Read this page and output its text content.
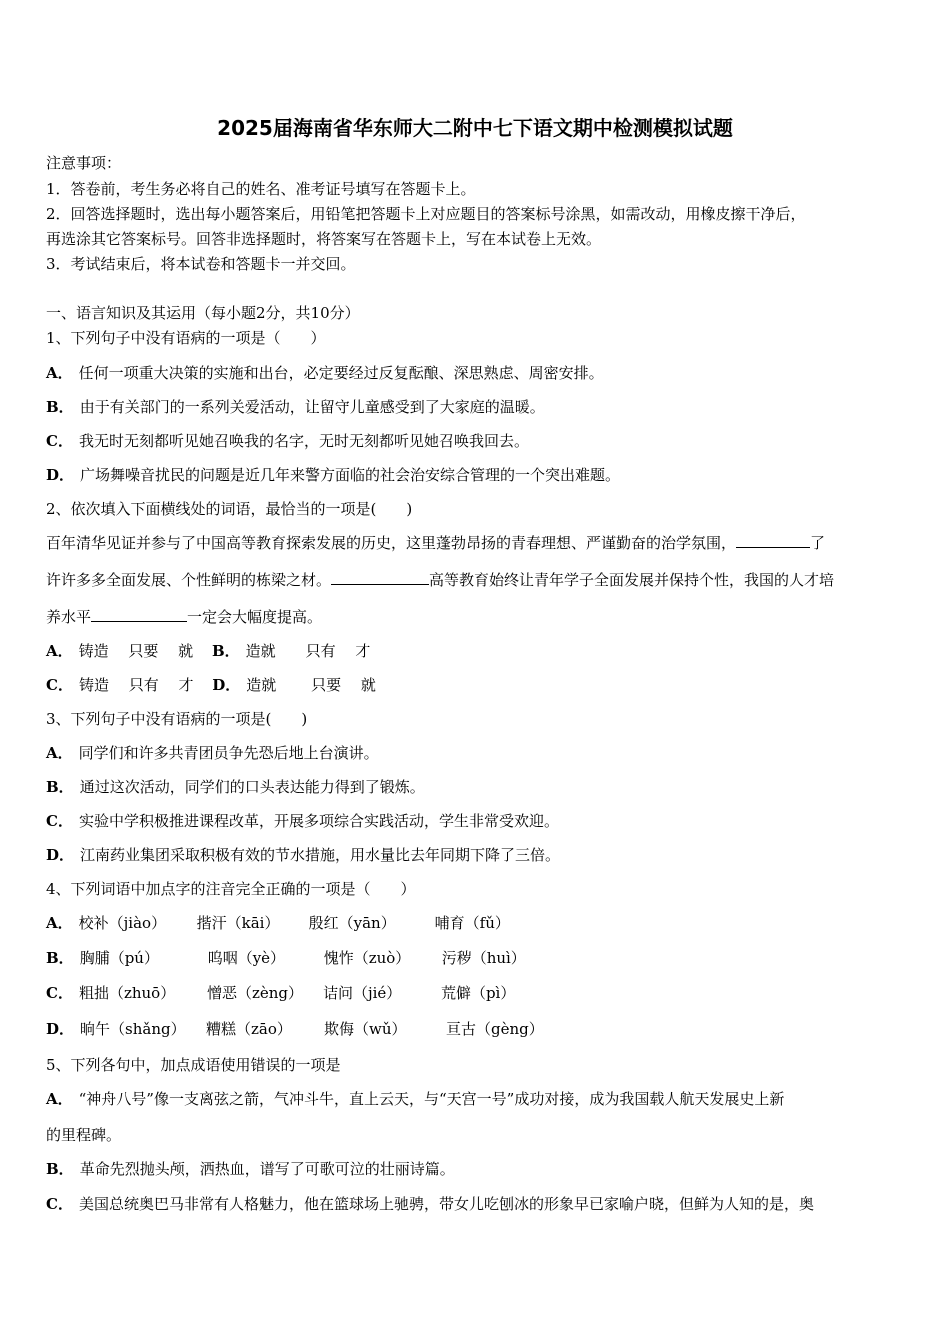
2025届海南省华东师大二附中七下语文期中检测模拟试题
注意事项：
1．答卷前，考生务必将自己的姓名、准考证号填写在答题卡上。
2．回答选择题时，选出每小题答案后，用铅笔把答题卡上对应题目的答案标号涂黑，如需改动，用橡皮擦干净后，
再选涂其它答案标号。回答非选择题时，将答案写在答题卡上，写在本试卷上无效。
3．考试结束后，将本试卷和答题卡一并交回。
一、语言知识及其运用（每小题2分，共10分）
1、下列句子中没有语病的一项是（　　）
A． 任何一项重大决策的实施和出台，必定要经过反复酝酿、深思熟虑、周密安排。
B． 由于有关部门的一系列关爱活动，让留守儿童感受到了大家庭的温暖。
C． 我无时无刻都听见她召唤我的名字，无时无刻都听见她召唤我回去。
D． 广场舞噪音扰民的问题是近几年来警方面临的社会治安综合管理的一个突出难题。
2、依次填入下面横线处的词语，最恰当的一项是(　　)
百年清华见证并参与了中国高等教育探索发展的历史，这里蓬勃昂扬的青春理想、严谨勤奋的治学氛围，	了
许许多多全面发展、个性鲜明的栋梁之材。	高等教育始终让青年学子全面发展并保持个性，我国的人才培
养水平	一定会大幅度提高。
A． 铸造　 只要　 就 B． 造就　　只有　 才
C． 铸造　 只有　 才 D． 造就　　 只要　 就
3、下列句子中没有语病的一项是(　　)
A． 同学们和许多共青团员争先恐后地上台演讲。
B． 通过这次活动，同学们的口头表达能力得到了锻炼。
C． 实验中学积极推进课程改革，开展多项综合实践活动，学生非常受欢迎。
D． 江南药业集团采取积极有效的节水措施，用水量比去年同期下降了三倍。
4、下列词语中加点字的注音完全正确的一项是（　　）
A． 校补（jiào） 揩汗（kāi） 殷红（yān）	哺育（fǔ）
B． 胸脯（pú）	呜咽（yè）	愧怍（zuò） 污秽（huì）
C． 粗拙（zhuō） 憎恶（zèng） 诘问（jié）	荒僻（pì）
D． 晌午（shǎng） 糟糕（zāo） 欺侮（wǔ）	亘古（gèng）
5、下列各句中，加点成语使用错误的一项是
A． “神舟八号”像一支离弦之箭，气冲斗牛，直上云天，与“天宫一号”成功对接，成为我国载人航天发展史上新
的里程碑。
B． 革命先烈抛头颅，洒热血，谱写了可歌可泣的壮丽诗篇。
C． 美国总统奥巴马非常有人格魅力，他在篮球场上驰骋，带女儿吃刨冰的形象早已家喻户晓，但鲜为人知的是，奥
